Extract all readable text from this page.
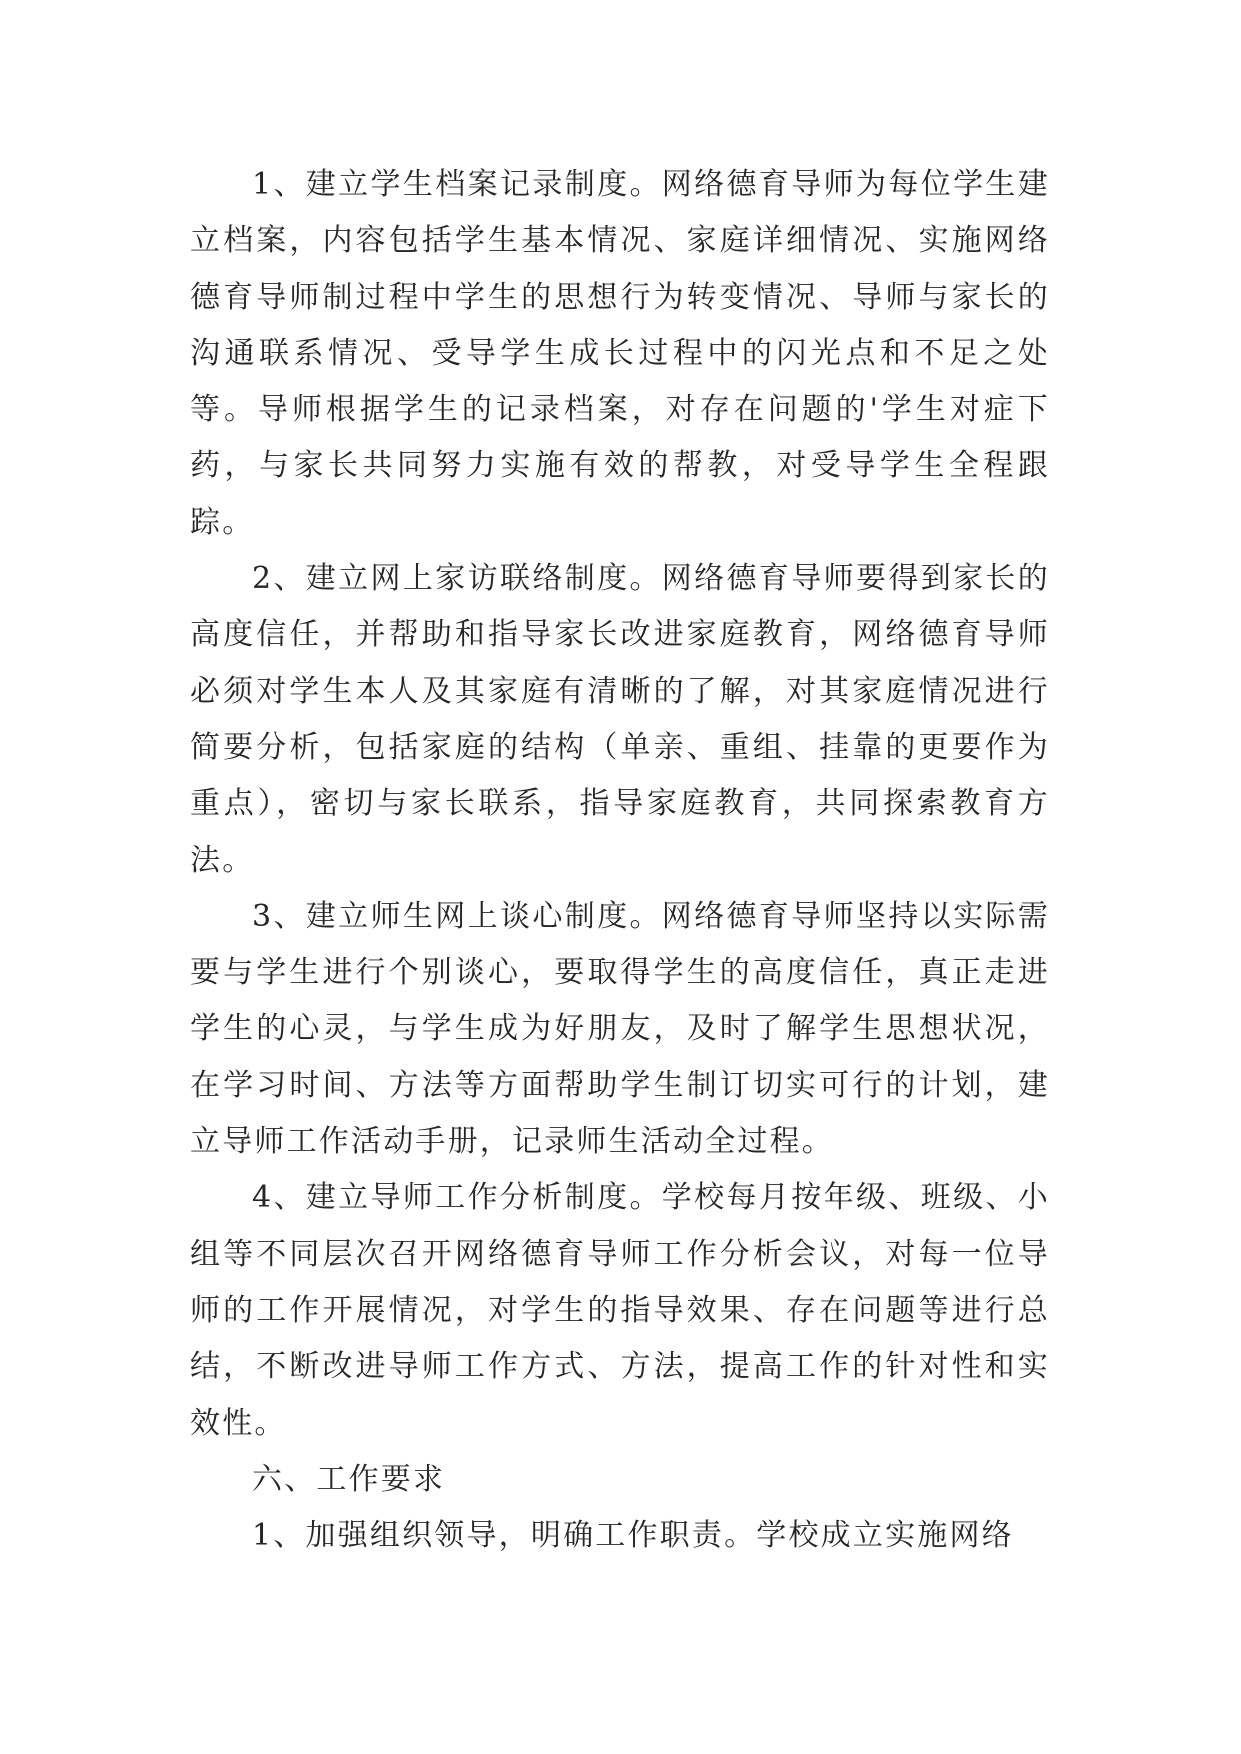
1、建立学生档案记录制度。网络德育导师为每位学生建立档案，内容包括学生基本情况、家庭详细情况、实施网络德育导师制过程中学生的思想行为转变情况、导师与家长的沟通联系情况、受导学生成长过程中的闪光点和不足之处等。导师根据学生的记录档案，对存在问题的'学生对症下药，与家长共同努力实施有效的帮教，对受导学生全程跟踪。

2、建立网上家访联络制度。网络德育导师要得到家长的高度信任，并帮助和指导家长改进家庭教育，网络德育导师必须对学生本人及其家庭有清晰的了解，对其家庭情况进行简要分析，包括家庭的结构（单亲、重组、挂靠的更要作为重点），密切与家长联系，指导家庭教育，共同探索教育方法。

3、建立师生网上谈心制度。网络德育导师坚持以实际需要与学生进行个别谈心，要取得学生的高度信任，真正走进学生的心灵，与学生成为好朋友，及时了解学生思想状况，在学习时间、方法等方面帮助学生制订切实可行的计划，建立导师工作活动手册，记录师生活动全过程。

4、建立导师工作分析制度。学校每月按年级、班级、小组等不同层次召开网络德育导师工作分析会议，对每一位导师的工作开展情况，对学生的指导效果、存在问题等进行总结，不断改进导师工作方式、方法，提高工作的针对性和实效性。

六、工作要求

1、加强组织领导，明确工作职责。学校成立实施网络
